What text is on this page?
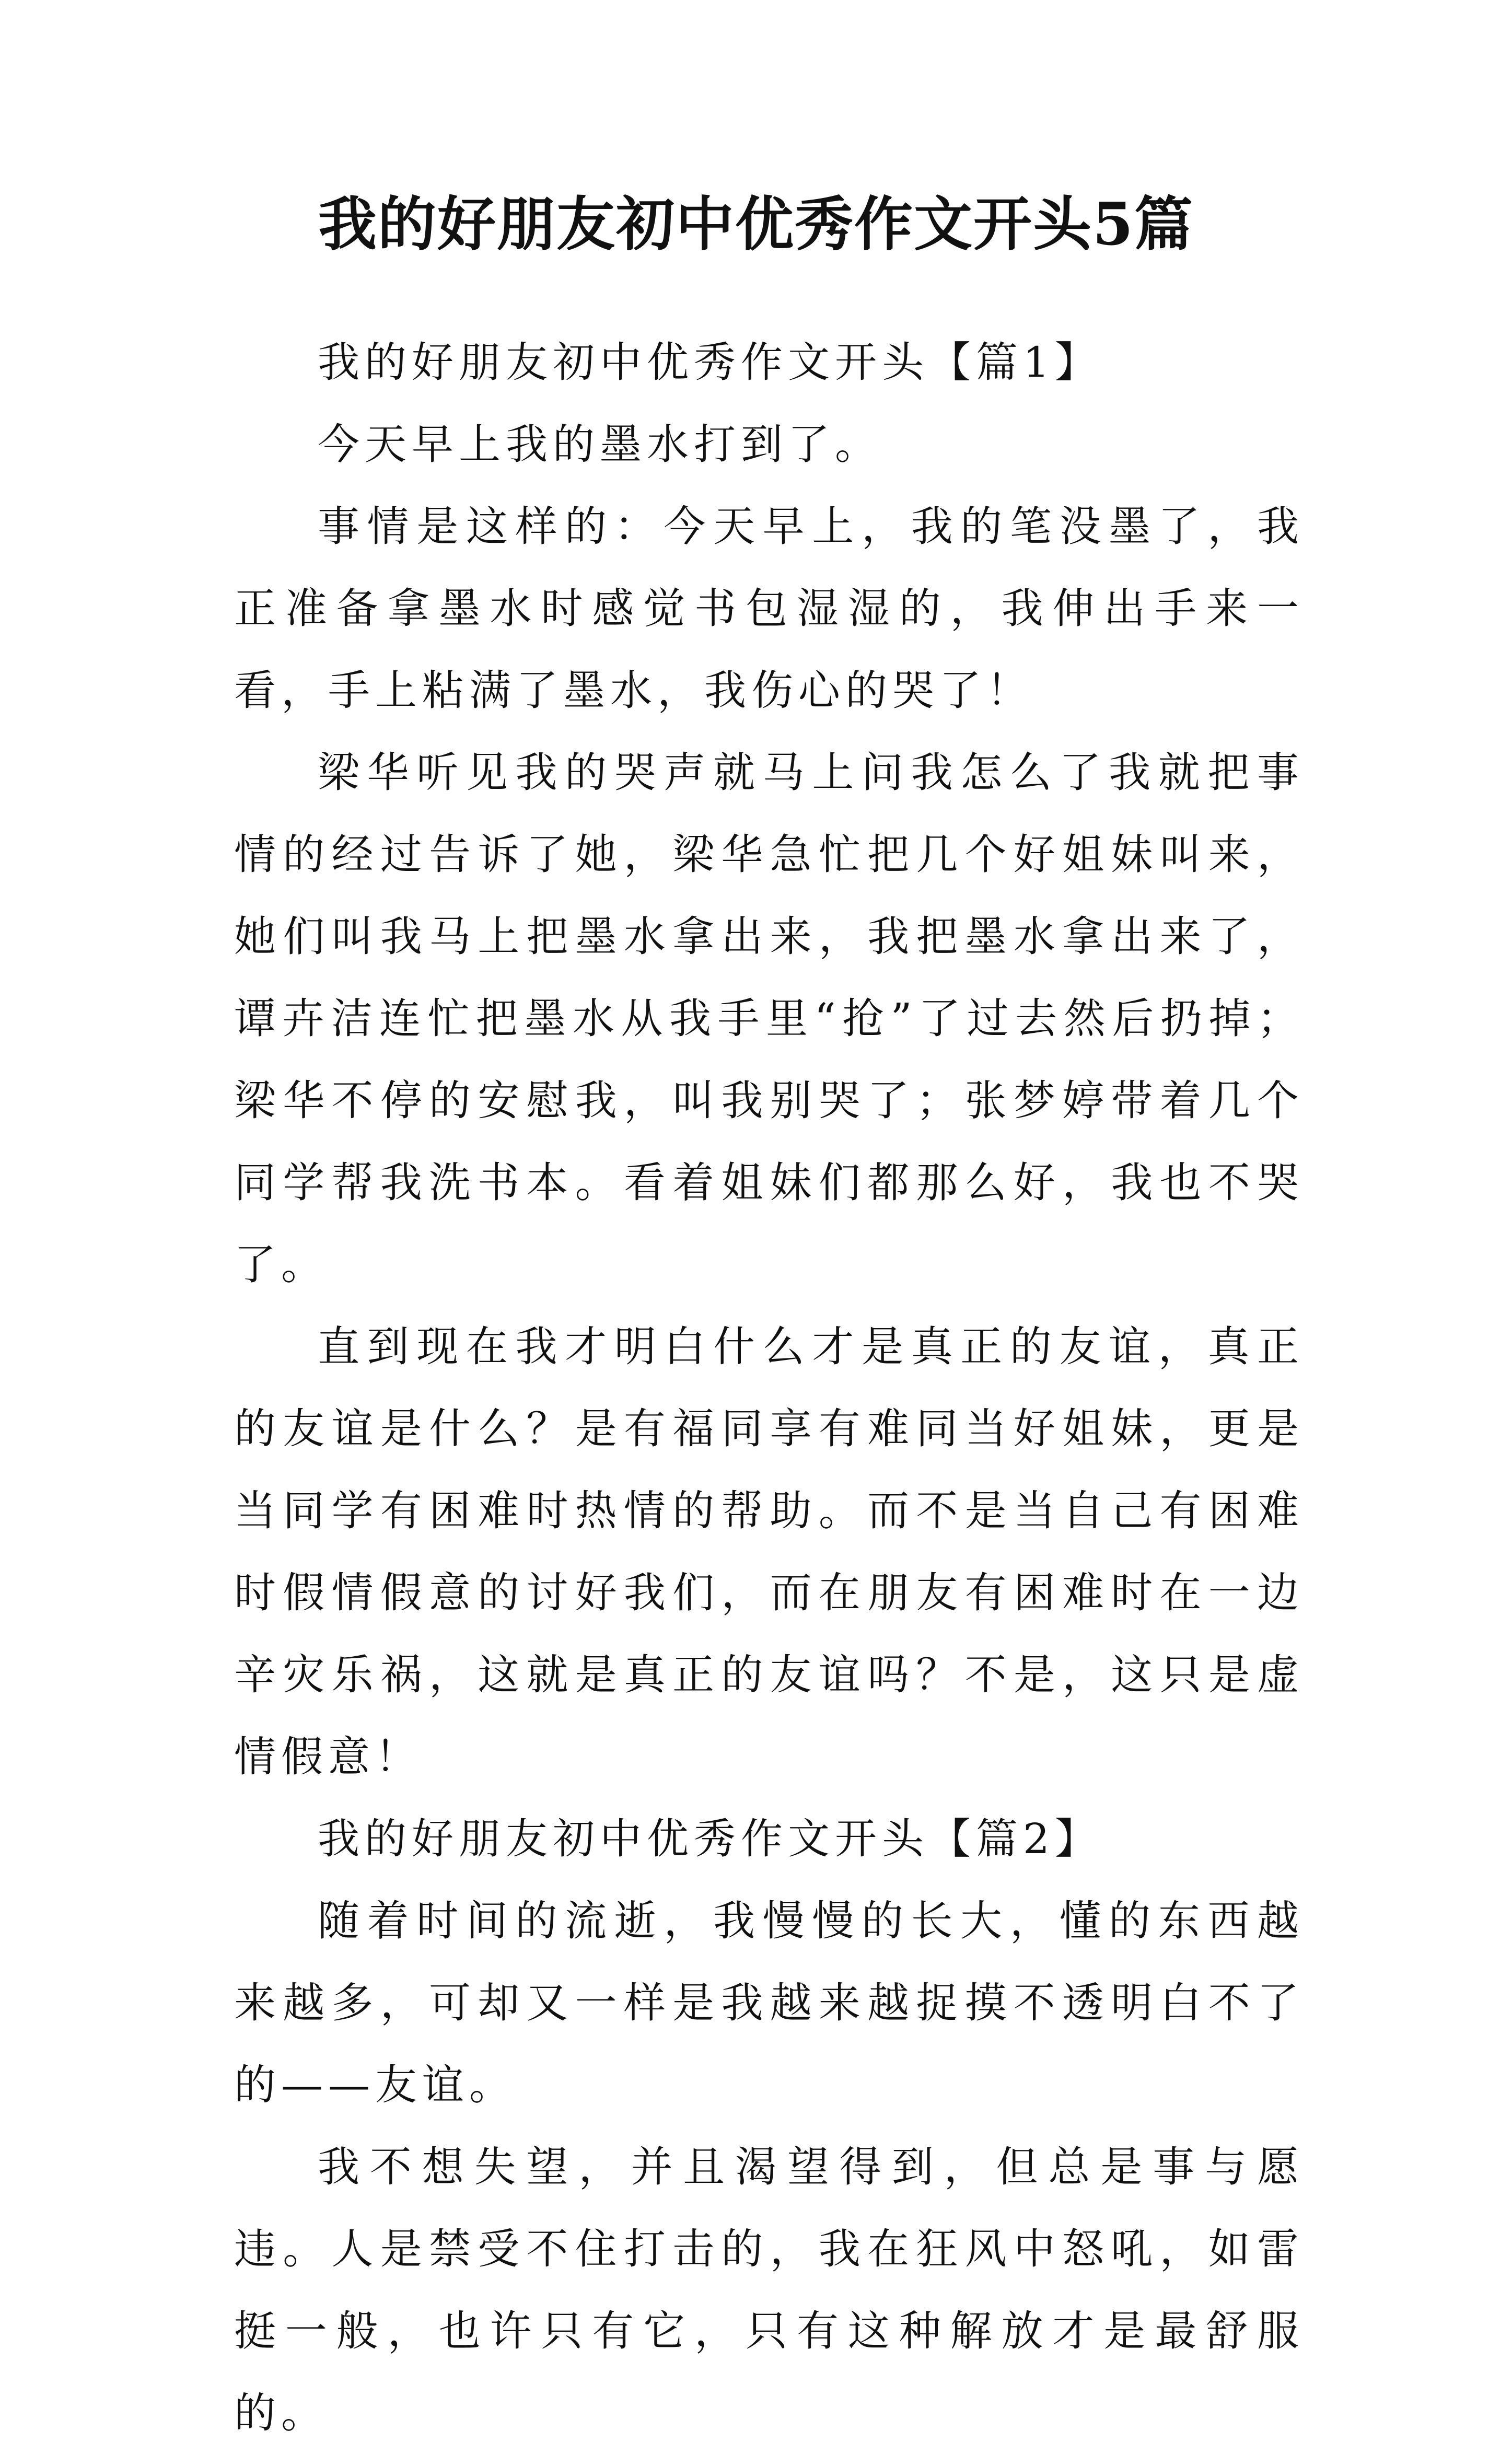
我的好朋友初中优秀作文开头5篇

我的好朋友初中优秀作文开头【篇1】

今天早上我的墨水打到了。

事情是这样的：今天早上，我的笔没墨了，我正准备拿墨水时感觉书包湿湿的，我伸出手来一看，手上粘满了墨水，我伤心的哭了！

梁华听见我的哭声就马上问我怎么了我就把事情的经过告诉了她，梁华急忙把几个好姐妹叫来，她们叫我马上把墨水拿出来，我把墨水拿出来了，谭卉洁连忙把墨水从我手里“抢”了过去然后扔掉；梁华不停的安慰我，叫我别哭了；张梦婷带着几个同学帮我洗书本。看着姐妹们都那么好，我也不哭了。

直到现在我才明白什么才是真正的友谊，真正的友谊是什么？是有福同享有难同当好姐妹，更是当同学有困难时热情的帮助。而不是当自己有困难时假情假意的讨好我们，而在朋友有困难时在一边辛灾乐祸，这就是真正的友谊吗？不是，这只是虚情假意！

我的好朋友初中优秀作文开头【篇2】

随着时间的流逝，我慢慢的长大，懂的东西越来越多，可却又一样是我越来越捉摸不透明白不了的——友谊。

我不想失望，并且渴望得到，但总是事与愿违。人是禁受不住打击的，我在狂风中怒吼，如雷挺一般，也许只有它，只有这种解放才是最舒服的。
